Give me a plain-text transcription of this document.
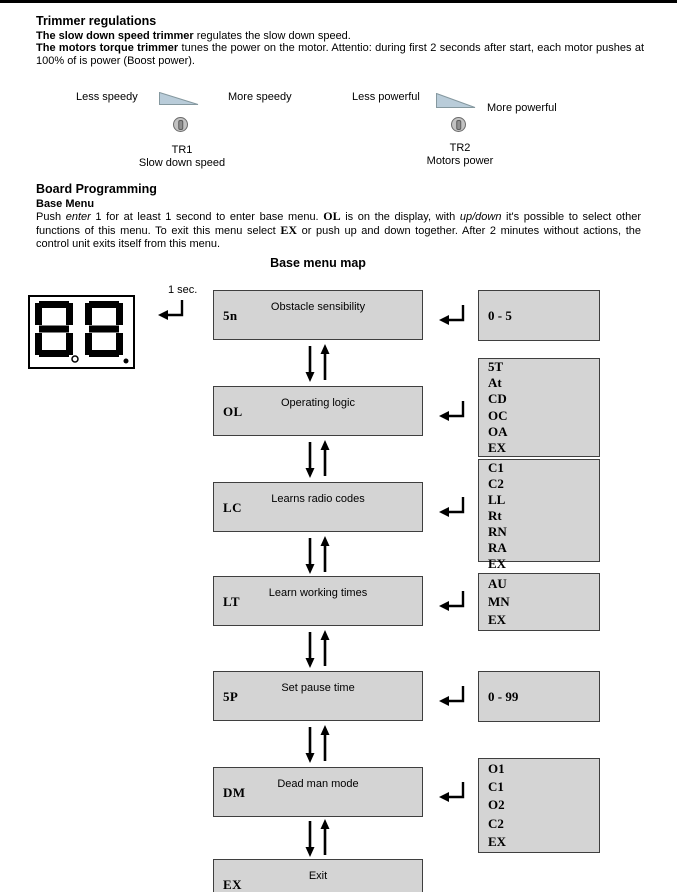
Trimmer regulations

The slow down speed trimmer regulates the slow down speed.

The motors torque trimmer tunes the power on the motor. Attentio: during first 2 seconds after start, each motor pushes at 100% of is power (Boost power).

Less speedy	More speedy
TR1
Slow down speed
Less powerful
More powerful
TR2
Motors power
Board Programming
Base Menu

Push enter 1 for at least 1 second to enter base menu. OL is on the display, with up/down it's possible to select other functions of this menu. To exit this menu select EX or push up and down together. After 2 minutes without actions, the control unit exits itself from this menu.

Base menu map
1 sec.
Obstacle sensibility
5n
Operating logic
OL
Learns radio codes
LC
Learn working times
LT
Set pause time
5P
Dead man mode
DM
Exit
EX
0 - 5
5T
At
CD
OC
OA
EX
C1
C2
LL
Rt
RN
RA
EX
AU
MN
EX
0 - 99
O1
C1
O2
C2
EX
